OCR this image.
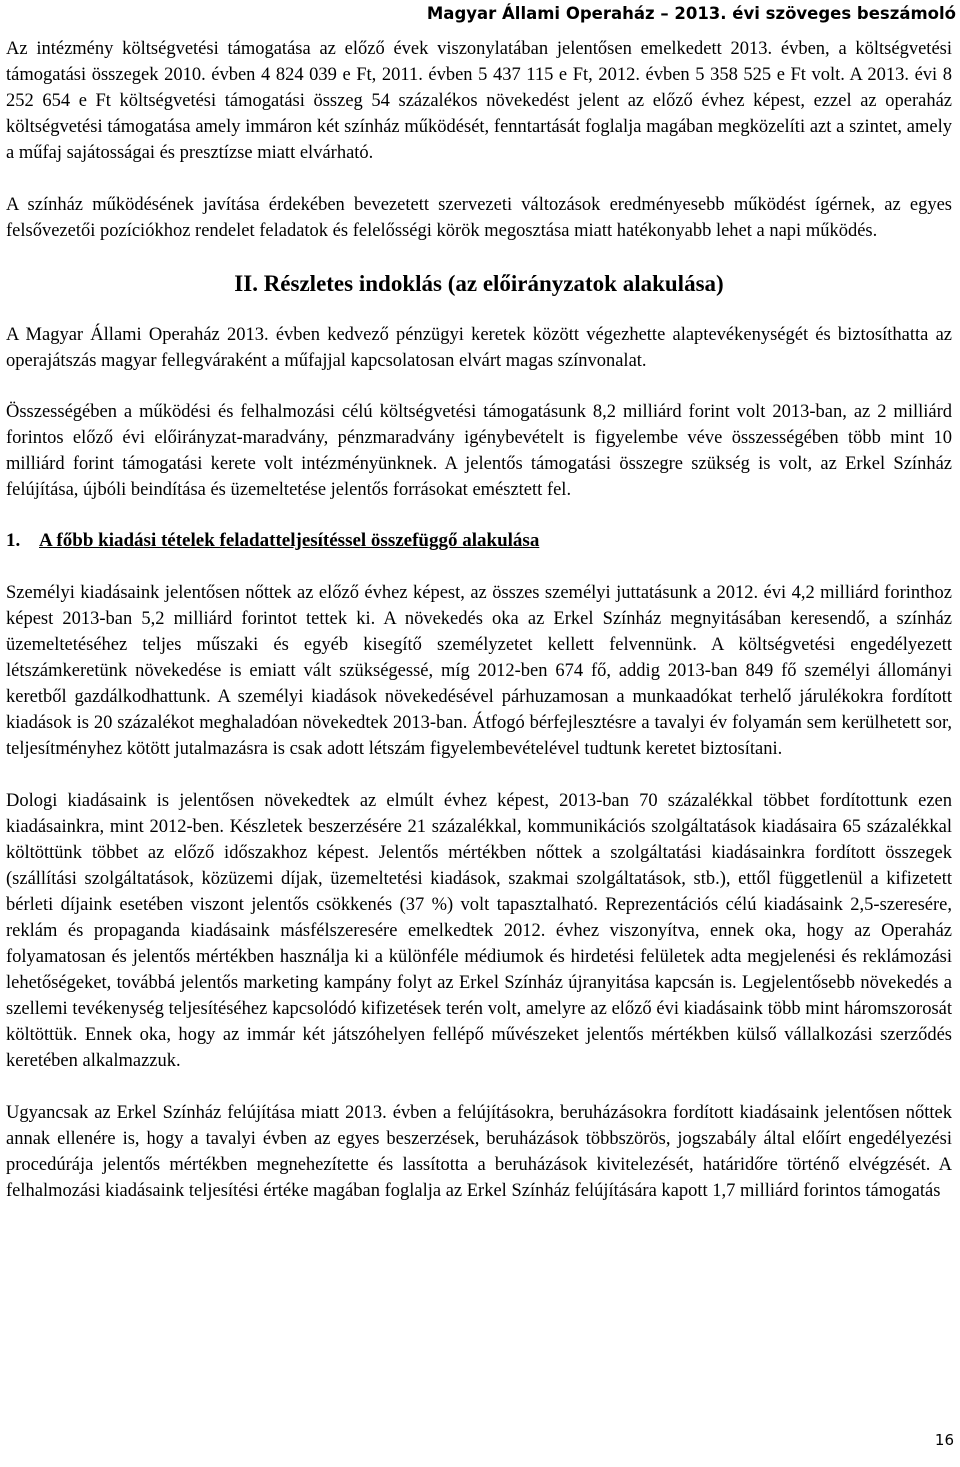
Magyar Állami Operaház – 2013. évi szöveges beszámoló

Az intézmény költségvetési támogatása az előző évek viszonylatában jelentősen emelkedett 2013. évben, a költségvetési támogatási összegek 2010. évben 4 824 039 e Ft, 2011. évben 5 437 115 e Ft, 2012. évben 5 358 525 e Ft volt. A 2013. évi 8 252 654 e Ft költségvetési támogatási összeg 54 százalékos növekedést jelent az előző évhez képest, ezzel az operaház költségvetési támogatása amely immáron két színház működését, fenntartását foglalja magában megközelíti azt a szintet, amely a műfaj sajátosságai és presztízse miatt elvárható.

A színház működésének javítása érdekében bevezetett szervezeti változások eredményesebb működést ígérnek, az egyes felsővezetői pozíciókhoz rendelet feladatok és felelősségi körök megosztása miatt hatékonyabb lehet a napi működés.

II. Részletes indoklás (az előirányzatok alakulása)

A Magyar Állami Operaház 2013. évben kedvező pénzügyi keretek között végezhette alaptevékenységét és biztosíthatta az operajátszás magyar fellegváraként a műfajjal kapcsolatosan elvárt magas színvonalat.

Összességében a működési és felhalmozási célú költségvetési támogatásunk 8,2 milliárd forint volt 2013-ban, az 2 milliárd forintos előző évi előirányzat-maradvány, pénzmaradvány igénybevételt is figyelembe véve összességében több mint 10 milliárd forint támogatási kerete volt intézményünknek. A jelentős támogatási összegre szükség is volt, az Erkel Színház felújítása, újbóli beindítása és üzemeltetése jelentős forrásokat emésztett fel.

1. A főbb kiadási tételek feladatteljesítéssel összefüggő alakulása

Személyi kiadásaink jelentősen nőttek az előző évhez képest, az összes személyi juttatásunk a 2012. évi 4,2 milliárd forinthoz képest 2013-ban 5,2 milliárd forintot tettek ki. A növekedés oka az Erkel Színház megnyitásában keresendő, a színház üzemeltetéséhez teljes műszaki és egyéb kisegítő személyzetet kellett felvennünk. A költségvetési engedélyezett létszámkeretünk növekedése is emiatt vált szükségessé, míg 2012-ben 674 fő, addig 2013-ban 849 fő személyi állományi keretből gazdálkodhattunk. A személyi kiadások növekedésével párhuzamosan a munkaadókat terhelő járulékokra fordított kiadások is 20 százalékot meghaladóan növekedtek 2013-ban. Átfogó bérfejlesztésre a tavalyi év folyamán sem kerülhetett sor, teljesítményhez kötött jutalmazásra is csak adott létszám figyelembevételével tudtunk keretet biztosítani.

Dologi kiadásaink is jelentősen növekedtek az elmúlt évhez képest, 2013-ban 70 százalékkal többet fordítottunk ezen kiadásainkra, mint 2012-ben. Készletek beszerzésére 21 százalékkal, kommunikációs szolgáltatások kiadásaira 65 százalékkal költöttünk többet az előző időszakhoz képest. Jelentős mértékben nőttek a szolgáltatási kiadásainkra fordított összegek (szállítási szolgáltatások, közüzemi díjak, üzemeltetési kiadások, szakmai szolgáltatások, stb.), ettől függetlenül a kifizetett bérleti díjaink esetében viszont jelentős csökkenés (37 %) volt tapasztalható. Reprezentációs célú kiadásaink 2,5-szeresére, reklám és propaganda kiadásaink másfélszeresére emelkedtek 2012. évhez viszonyítva, ennek oka, hogy az Operaház folyamatosan és jelentős mértékben használja ki a különféle médiumok és hirdetési felületek adta megjelenési és reklámozási lehetőségeket, továbbá jelentős marketing kampány folyt az Erkel Színház újranyitása kapcsán is. Legjelentősebb növekedés a szellemi tevékenység teljesítéséhez kapcsolódó kifizetések terén volt, amelyre az előző évi kiadásaink több mint háromszorosát költöttük. Ennek oka, hogy az immár két játszóhelyen fellépő művészeket jelentős mértékben külső vállalkozási szerződés keretében alkalmazzuk.

Ugyancsak az Erkel Színház felújítása miatt 2013. évben a felújításokra, beruházásokra fordított kiadásaink jelentősen nőttek annak ellenére is, hogy a tavalyi évben az egyes beszerzések, beruházások többszörös, jogszabály által előírt engedélyezési procedúrája jelentős mértékben megnehezítette és lassította a beruházások kivitelezését, határidőre történő elvégzését. A felhalmozási kiadásaink teljesítési értéke magában foglalja az Erkel Színház felújítására kapott 1,7 milliárd forintos támogatás

16
